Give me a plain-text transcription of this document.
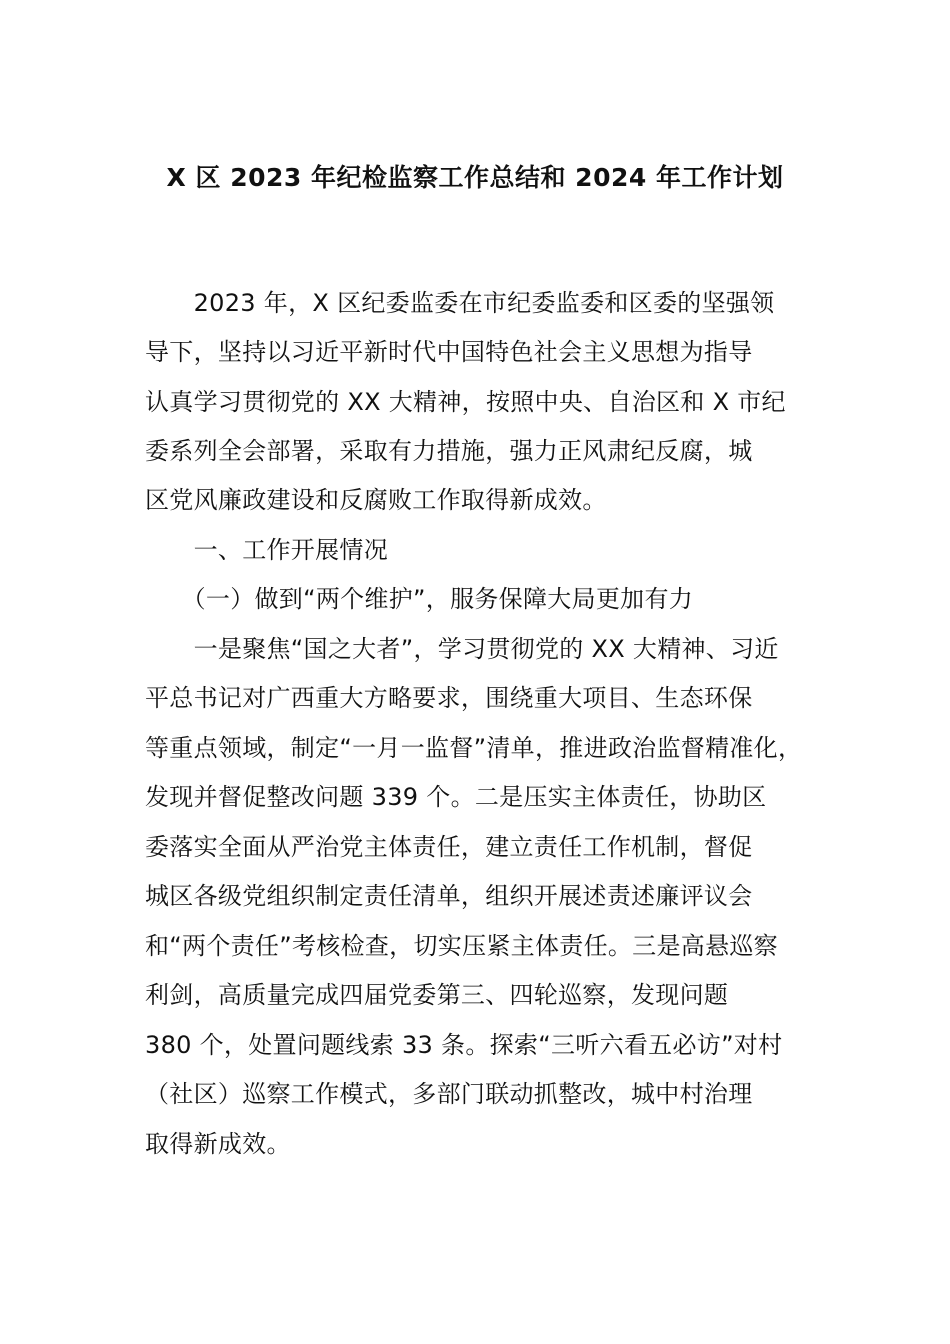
X 区 2023 年纪检监察工作总结和 2024 年工作计划
　　2023 年，X 区纪委监委在市纪委监委和区委的坚强领
导下，坚持以习近平新时代中国特色社会主义思想为指导
认真学习贯彻党的 XX 大精神，按照中央、自治区和 X 市纪
委系列全会部署，采取有力措施，强力正风肃纪反腐，城
区党风廉政建设和反腐败工作取得新成效。
　　一、工作开展情况
　　（一）做到“两个维护”，服务保障大局更加有力
　　一是聚焦“国之大者”，学习贯彻党的 XX 大精神、习近
平总书记对广西重大方略要求，围绕重大项目、生态环保
等重点领域，制定“一月一监督”清单，推进政治监督精准化，
发现并督促整改问题 339 个。二是压实主体责任，协助区
委落实全面从严治党主体责任，建立责任工作机制，督促
城区各级党组织制定责任清单，组织开展述责述廉评议会
和“两个责任”考核检查，切实压紧主体责任。三是高悬巡察
利剑，高质量完成四届党委第三、四轮巡察，发现问题
380 个，处置问题线索 33 条。探索“三听六看五必访”对村
（社区）巡察工作模式，多部门联动抓整改，城中村治理
取得新成效。
